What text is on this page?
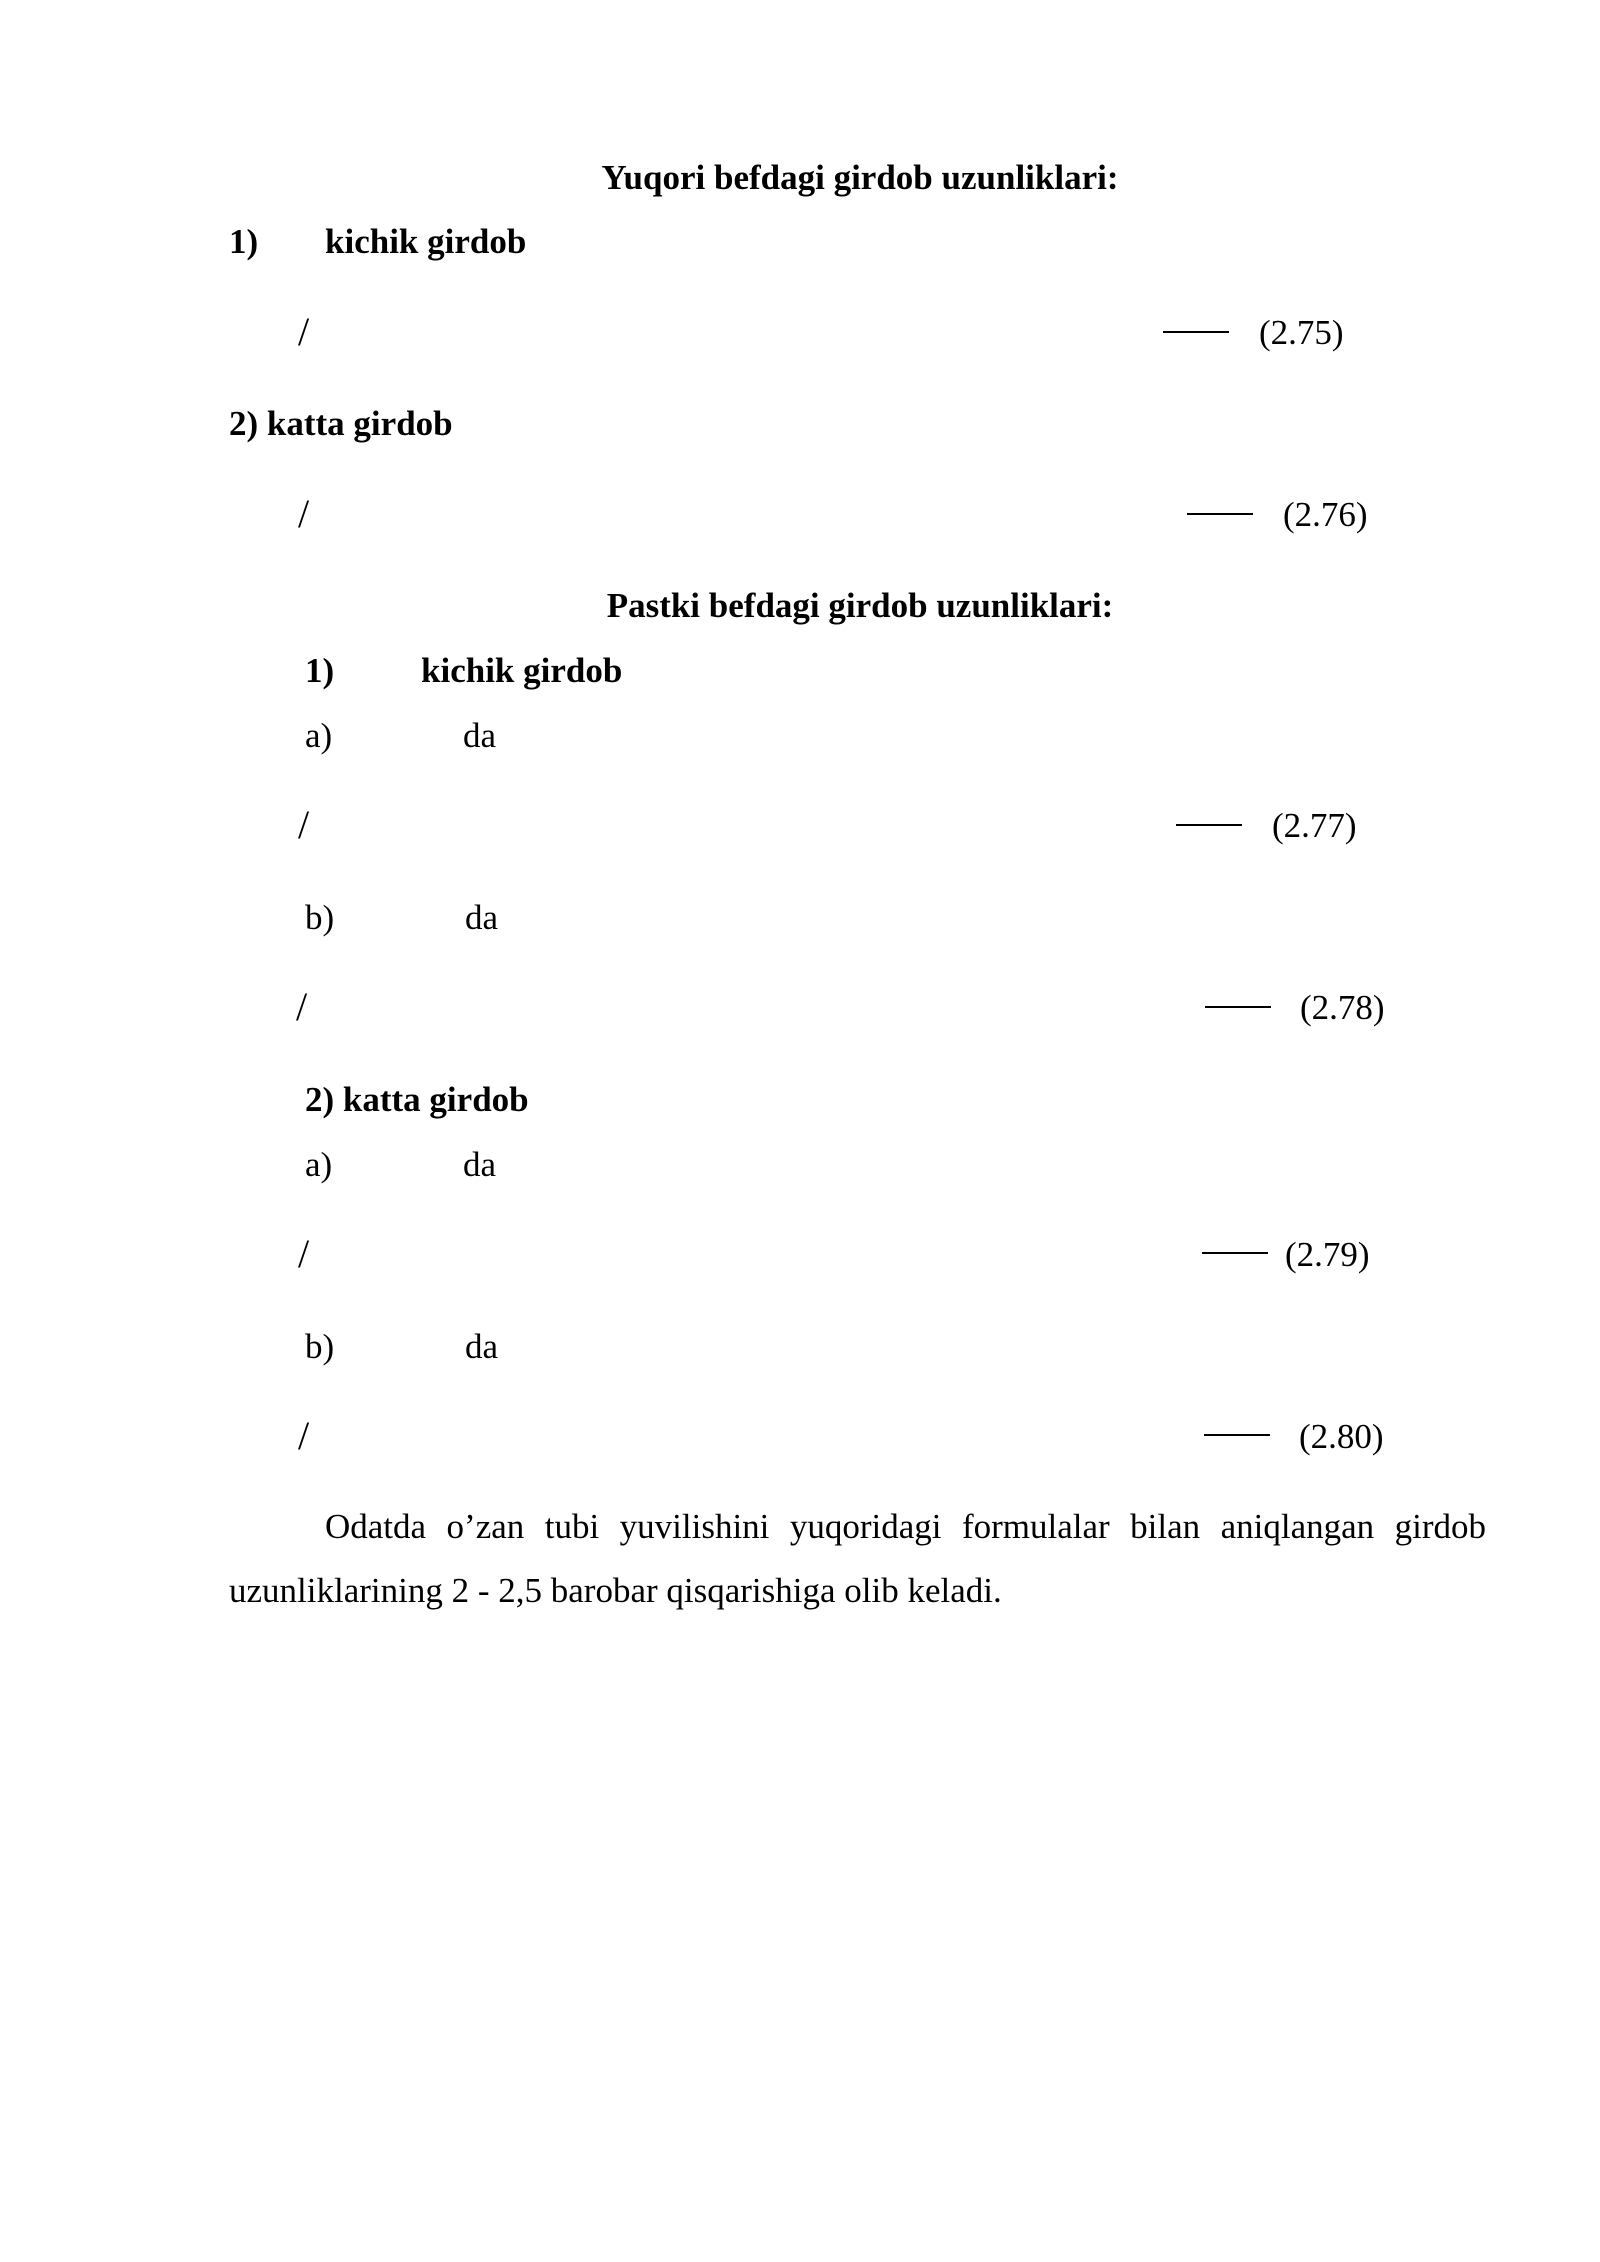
Yuqori befdagi girdob uzunliklari:
1) kichik girdob
/	(2.75)
2) katta girdob
/	(2.76)
Pastki befdagi girdob uzunliklari:
1) kichik girdob
a)	da
/	(2.77)
b)	da
/	(2.78)
2) katta girdob
a)	da
/	(2.79)
b)	da
/	(2.80)
Odatda o’zan tubi yuvilishini yuqoridagi formulalar bilan aniqlangan girdob uzunliklarining 2 - 2,5 barobar qisqarishiga olib keladi.
